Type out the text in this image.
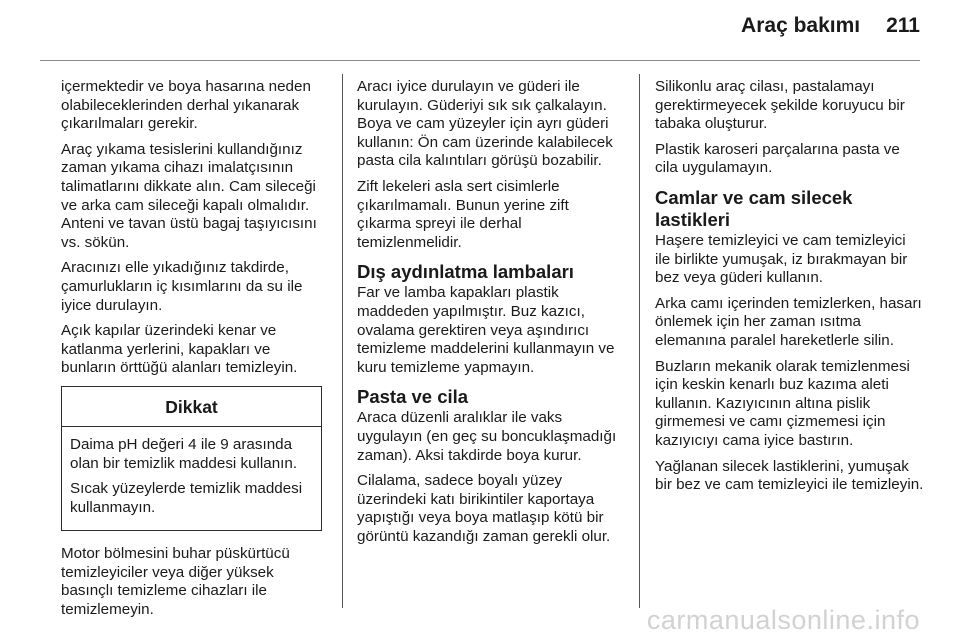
Araç bakımı 211

içermektedir ve boya hasarına neden olabileceklerinden derhal yıkanarak çıkarılmaları gerekir.

Araç yıkama tesislerini kullandığınız zaman yıkama cihazı imalatçısının talimatlarını dikkate alın. Cam sileceği ve arka cam sileceği kapalı olmalıdır. Anteni ve tavan üstü bagaj taşıyıcısını vs. sökün.

Aracınızı elle yıkadığınız takdirde, çamurlukların iç kısımlarını da su ile iyice durulayın.

Açık kapılar üzerindeki kenar ve katlanma yerlerini, kapakları ve bunların örttüğü alanları temizleyin.

Dikkat

Daima pH değeri 4 ile 9 arasında olan bir temizlik maddesi kullanın.

Sıcak yüzeylerde temizlik maddesi kullanmayın.

Motor bölmesini buhar püskürtücü temizleyiciler veya diğer yüksek basınçlı temizleme cihazları ile temizlemeyin.

Aracı iyice durulayın ve güderi ile kurulayın. Güderiyi sık sık çalkalayın. Boya ve cam yüzeyler için ayrı güderi kullanın: Ön cam üzerinde kalabilecek pasta cila kalıntıları görüşü bozabilir.

Zift lekeleri asla sert cisimlerle çıkarılmamalı. Bunun yerine zift çıkarma spreyi ile derhal temizlenmelidir.

Dış aydınlatma lambaları

Far ve lamba kapakları plastik maddeden yapılmıştır. Buz kazıcı, ovalama gerektiren veya aşındırıcı temizleme maddelerini kullanmayın ve kuru temizleme yapmayın.

Pasta ve cila

Araca düzenli aralıklar ile vaks uygulayın (en geç su boncuklaşmadığı zaman). Aksi takdirde boya kurur.

Cilalama, sadece boyalı yüzey üzerindeki katı birikintiler kaportaya yapıştığı veya boya matlaşıp kötü bir görüntü kazandığı zaman gerekli olur.

Silikonlu araç cilası, pastalamayı gerektirmeyecek şekilde koruyucu bir tabaka oluşturur.

Plastik karoseri parçalarına pasta ve cila uygulamayın.

Camlar ve cam silecek lastikleri

Haşere temizleyici ve cam temizleyici ile birlikte yumuşak, iz bırakmayan bir bez veya güderi kullanın.

Arka camı içerinden temizlerken, hasarı önlemek için her zaman ısıtma elemanına paralel hareketlerle silin.

Buzların mekanik olarak temizlenmesi için keskin kenarlı buz kazıma aleti kullanın. Kazıyıcının altına pislik girmemesi ve camı çizmemesi için kazıyıcıyı cama iyice bastırın.

Yağlanan silecek lastiklerini, yumuşak bir bez ve cam temizleyici ile temizleyin.

carmanualsonline.info
